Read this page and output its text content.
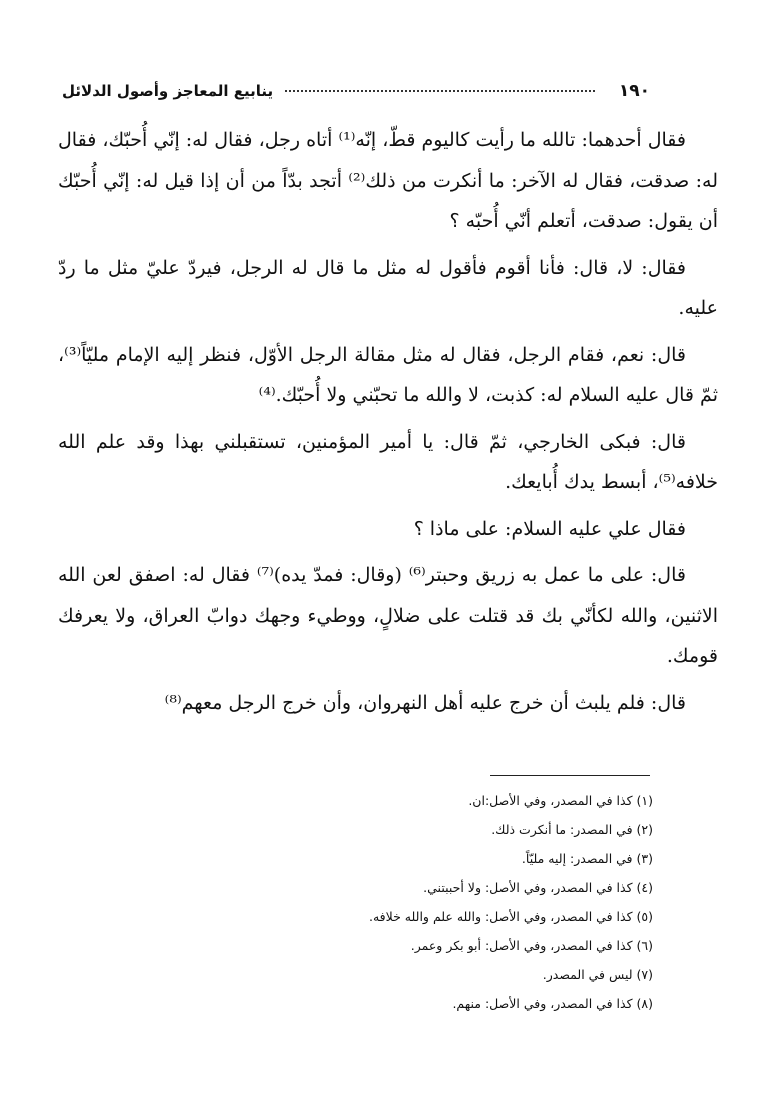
١٩٠
ينابيع المعاجز وأصول الدلائل

فقال أحدهما: تالله ما رأيت كاليوم قطّ، إنّه⁽¹⁾ أتاه رجل، فقال له: إنّي أُحبّك، فقال له: صدقت، فقال له الآخر: ما أنكرت من ذلك⁽²⁾ أتجد بدّاً من أن إذا قيل له: إنّي أُحبّك أن يقول: صدقت، أتعلم أنّي أُحبّه ؟

فقال: لا، قال: فأنا أقوم فأقول له مثل ما قال له الرجل، فيردّ عليّ مثل ما ردّ عليه.

قال: نعم، فقام الرجل، فقال له مثل مقالة الرجل الأوّل، فنظر إليه الإمام مليّاً⁽³⁾، ثمّ قال عليه السلام له: كذبت، لا والله ما تحبّني ولا أُحبّك.⁽⁴⁾

قال: فبكى الخارجي، ثمّ قال: يا أمير المؤمنين، تستقبلني بهذا وقد علم الله خلافه⁽⁵⁾، أبسط يدك أُبايعك.

فقال علي عليه السلام: على ماذا ؟

قال: على ما عمل به زريق وحبتر⁽⁶⁾ (وقال: فمدّ يده)⁽⁷⁾ فقال له: اصفق لعن الله الاثنين، والله لكأنّي بك قد قتلت على ضلالٍ، ووطيء وجهك دوابّ العراق، ولا يعرفك قومك.

قال: فلم يلبث أن خرج عليه أهل النهروان، وأن خرج الرجل معهم⁽⁸⁾

(١) كذا في المصدر، وفي الأصل:ان.
(٢) في المصدر: ما أنكرت ذلك.
(٣) في المصدر: إليه مليّاً.
(٤) كذا في المصدر، وفي الأصل: ولا أحببتني.
(٥) كذا في المصدر، وفي الأصل: والله علم والله خلافه.
(٦) كذا في المصدر، وفي الأصل: أبو بكر وعمر.
(٧) ليس في المصدر.
(٨) كذا في المصدر، وفي الأصل: منهم.
